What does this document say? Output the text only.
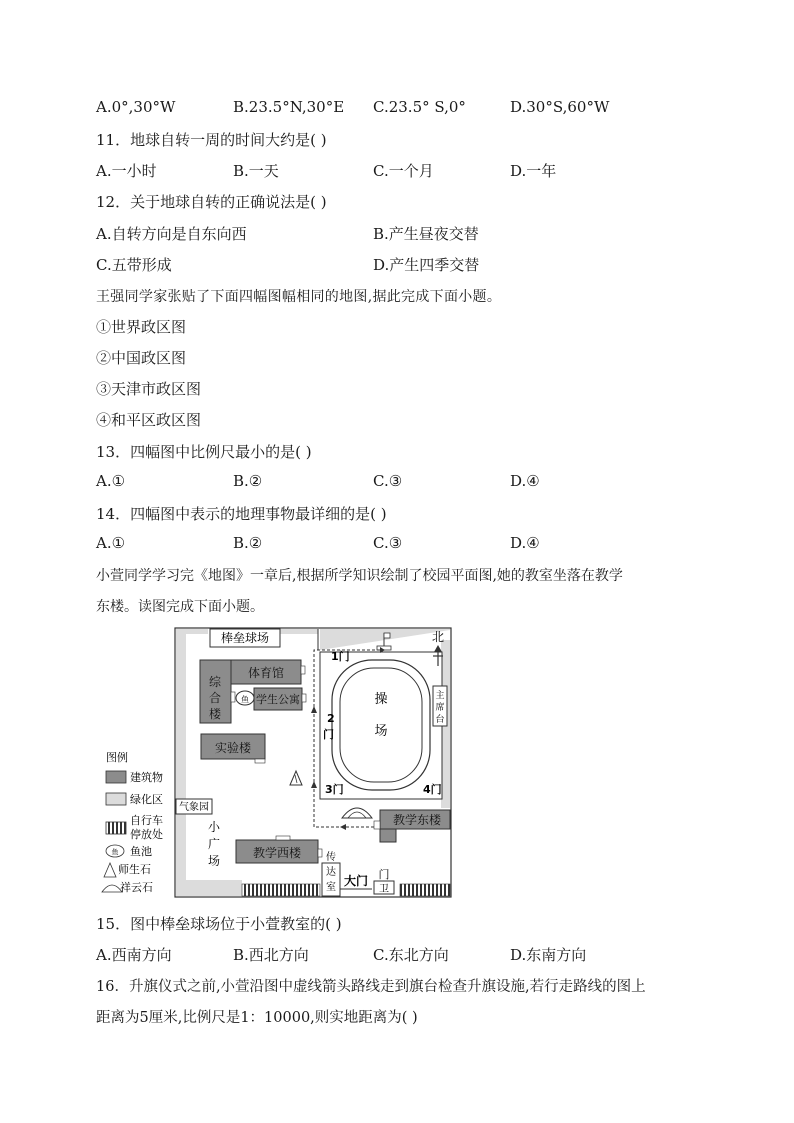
A.0°,30°W	B.23.5°N,30°E C.23.5° S,0°	D.30°S,60°W
11．地球自转一周的时间大约是( )
A.一小时	B.一天	C.一个月	D.一年
12．关于地球自转的正确说法是( )
A.自转方向是自东向西	B.产生昼夜交替
C.五带形成	D.产生四季交替
王强同学家张贴了下面四幅图幅相同的地图,据此完成下面小题。
①世界政区图
②中国政区图
③天津市政区图
④和平区政区图
13．四幅图中比例尺最小的是( )
A.①	B.②	C.③	D.④
14．四幅图中表示的地理事物最详细的是( )
A.①	B.②	C.③	D.④
小萱同学学习完《地图》一章后,根据所学知识绘制了校园平面图,她的教室坐落在教学
东楼。读图完成下面小题。
棒垒球场
体育馆
综
合
楼
鱼 学生公寓
实验楼
操
场
1门
2
门
3门	4门
北
主
席
台
气象园
小
广
场
教学东楼
教学西楼 传
达
室 大门 门
卫
图例
建筑物
绿化区
自行车
停放处
鱼 鱼池
师生石
祥云石
15．图中棒垒球场位于小萱教室的( )
A.西南方向	B.西北方向	C.东北方向	D.东南方向
16．升旗仪式之前,小萱沿图中虚线箭头路线走到旗台检查升旗设施,若行走路线的图上
距离为5厘米,比例尺是1：10000,则实地距离为( )
